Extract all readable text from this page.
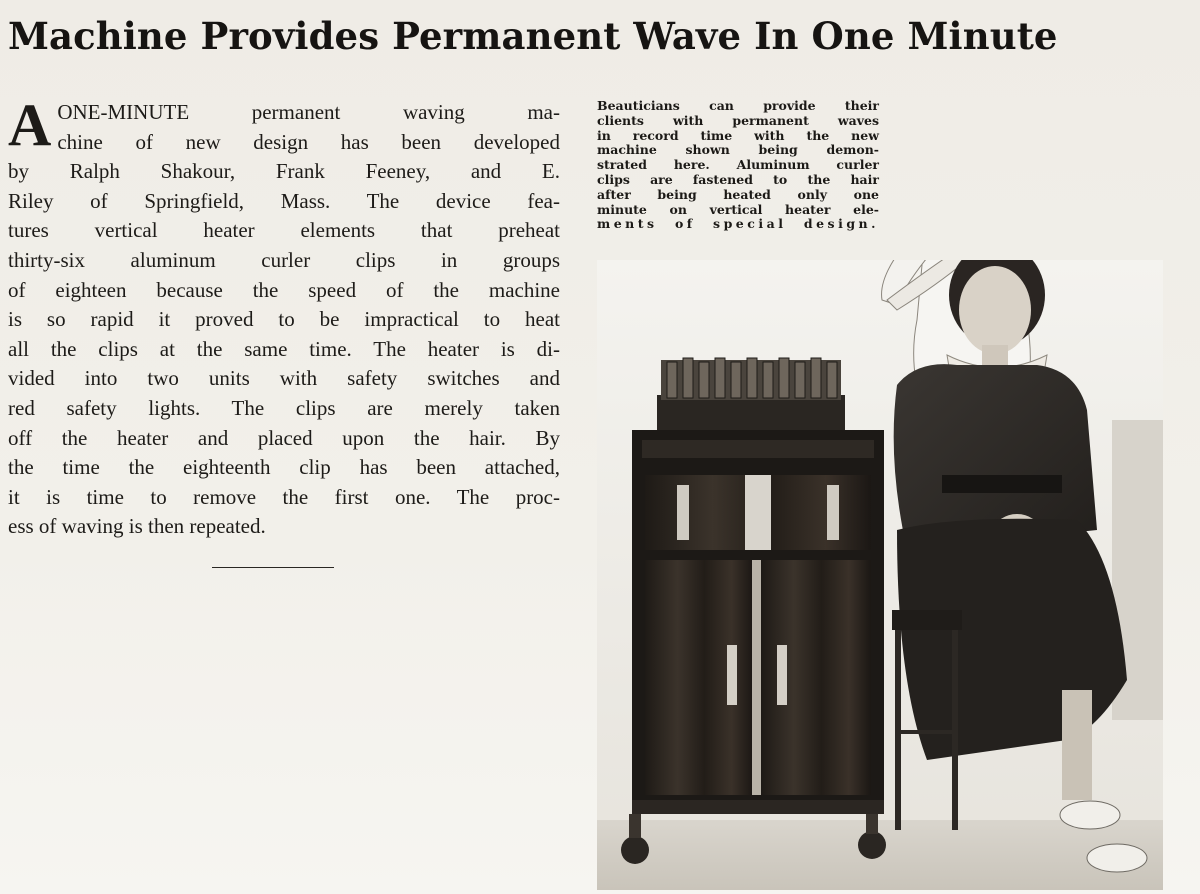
Machine Provides Permanent Wave In One Minute
A ONE-MINUTE permanent waving ma-
chine of new design has been developed
by Ralph Shakour, Frank Feeney, and E.
Riley of Springfield, Mass. The device fea-
tures vertical heater elements that preheat
thirty-six aluminum curler clips in groups
of eighteen because the speed of the machine
is so rapid it proved to be impractical to heat
all the clips at the same time. The heater is di-
vided into two units with safety switches and
red safety lights. The clips are merely taken
off the heater and placed upon the hair. By
the time the eighteenth clip has been attached,
it is time to remove the first one. The proc-
ess of waving is then repeated.
Beauticians can provide their
clients with permanent waves
in record time with the new
machine shown being demon-
strated here. Aluminum curler
clips are fastened to the hair
after being heated only one
minute on vertical heater ele-
ments of special design.
